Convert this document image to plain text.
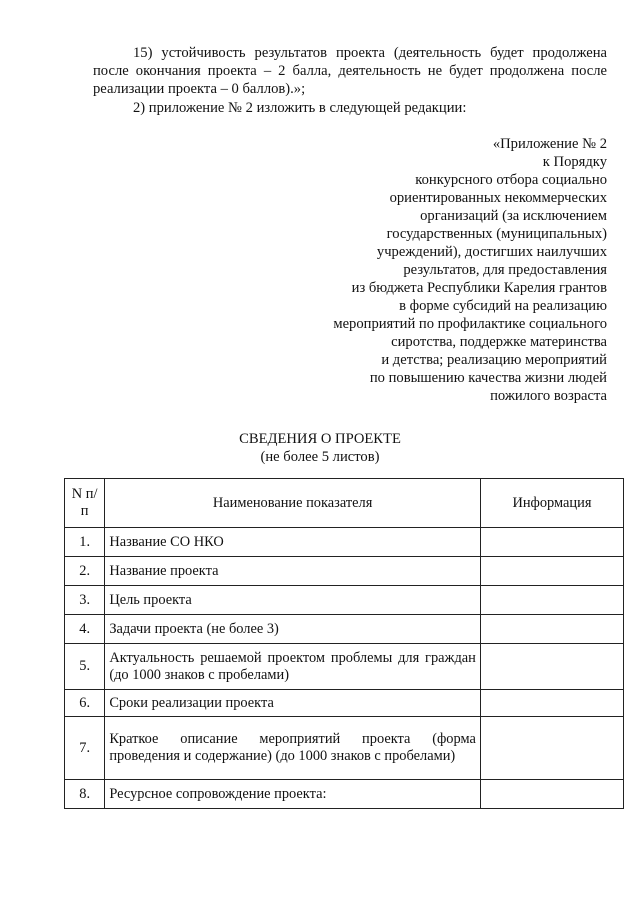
15) устойчивость результатов проекта (деятельность будет продолжена после окончания проекта – 2 балла, деятельность не будет продолжена после реализации проекта – 0 баллов).»;
2) приложение № 2 изложить в следующей редакции:
«Приложение № 2
к Порядку
конкурсного отбора социально
ориентированных некоммерческих
организаций (за исключением
государственных (муниципальных)
учреждений), достигших наилучших
результатов, для предоставления
из бюджета Республики Карелия грантов
в форме субсидий на реализацию
мероприятий по профилактике социального
сиротства, поддержке материнства
и детства; реализацию мероприятий
по повышению качества жизни людей
пожилого возраста
СВЕДЕНИЯ О ПРОЕКТЕ
(не более 5 листов)
N п/п	Наименование показателя	Информация
1.	Название СО НКО	
2.	Название проекта	
3.	Цель проекта	
4.	Задачи проекта (не более 3)	
5.	Актуальность решаемой проектом проблемы для граждан (до 1000 знаков с пробелами)	
6.	Сроки реализации проекта	
7.	Краткое описание мероприятий проекта (форма проведения и содержание) (до 1000 знаков с пробелами)	
8.	Ресурсное сопровождение проекта:	
